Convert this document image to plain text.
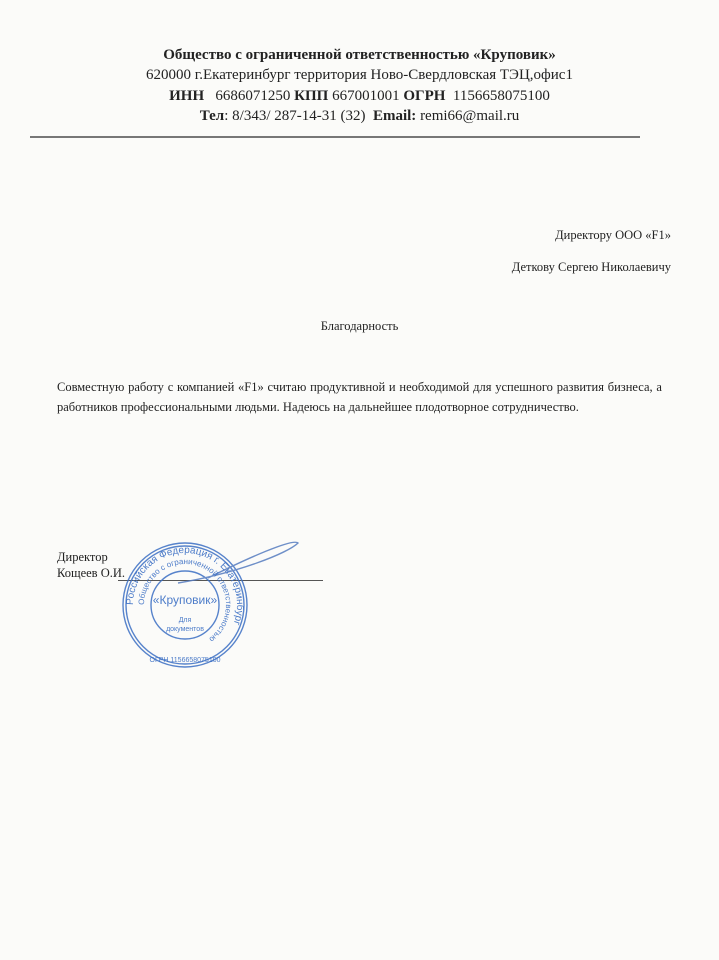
Общество с ограниченной ответственностью «Круповик»
620000 г.Екатеринбург территория Ново-Свердловская ТЭЦ,офис1
ИНН 6686071250 КПП 667001001 ОГРН 1156658075100
Тел: 8/343/ 287-14-31 (32) Email: remi66@mail.ru
Директору ООО «F1»
Деткову Сергею Николаевичу
Благодарность
Совместную работу с компанией «F1» считаю продуктивной и необходимой для успешного развития бизнеса, а работников профессиональными людьми. Надеюсь на дальнейшее плодотворное сотрудничество.
Директор
Кощеев О.И.
Российская Федерация г. Екатеринбург
Общество с ограниченной ответственностью
«Круповик»
Для
документов
ОГРН 1156658075100
